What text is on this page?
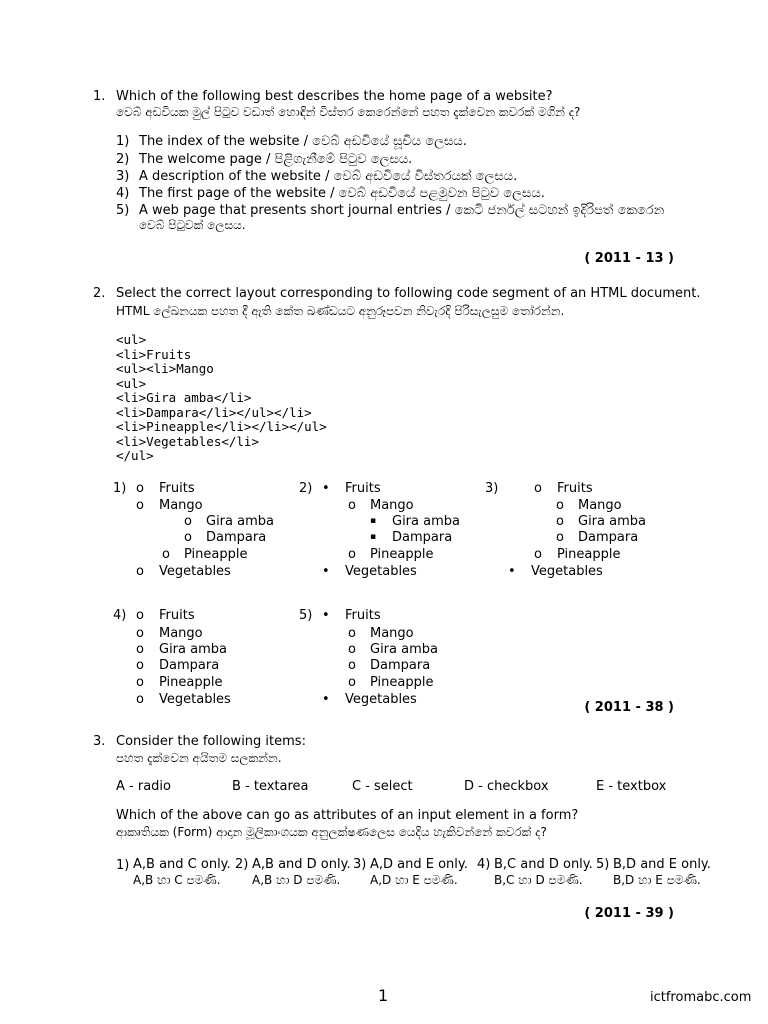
1. Which of the following best describes the home page of a website?
වෙබ් අඩවියක මුල් පිටුව වඩාත් හොඳින් විස්තර කෙරෙන්නේ පහත දැක්වෙන කවරක් මගින් ද?
1) The index of the website / වෙබ් අඩවියේ සූචිය ලෙසය.
2) The welcome page / පිළිගැනීමේ පිටුව ලෙසය.
3) A description of the website / වෙබ් අඩවියේ විස්තරයක් ලෙසය.
4) The first page of the website / වෙබ් අඩවියේ පළමුවන පිටුව ලෙසය.
5) A web page that presents short journal entries / කෙටි ජර්නල් සටහන් ඉදිරිපත් කෙරෙන
වෙබ් පිටුවක් ලෙසය.
( 2011 - 13 )
2. Select the correct layout corresponding to following code segment of an HTML document.
HTML ලේඛනයක පහත දී ඇති කේත ඛණ්ඩයට අනුරූපවන නිවැරදි පිරිසැලසුම තෝරන්න.
<ul>
<li>Fruits
<ul><li>Mango
<ul>
<li>Gira amba</li>
<li>Dampara</li></ul></li>
<li>Pineapple</li></li></ul>
<li>Vegetables</li>
</ul>
1) o Fruits
o Mango
o Gira amba
o Dampara
o Pineapple
o Vegetables
2) • Fruits
o Mango
▪ Gira amba
▪ Dampara
o Pineapple
• Vegetables
3)	o Fruits
o Mango
o Gira amba
o Dampara
o Pineapple
• Vegetables
4) o Fruits
o Mango
o Gira amba
o Dampara
o Pineapple
o Vegetables
5) • Fruits
o Mango
o Gira amba
o Dampara
o Pineapple
• Vegetables
( 2011 - 38 )
3. Consider the following items:
පහත දැක්වෙන අයිතම සලකන්න.
A - radio	B - textarea	C - select	D - checkbox	E - textbox
Which of the above can go as attributes of an input element in a form?
ආකෘතියක (Form) ආදාන මූලිකාංගයක අනුලක්ෂණලෙස යෙදිය හැකිවන්නේ කවරක් ද?
1) A,B and C only.
A,B හා C පමණි.
2) A,B and D only.
A,B හා D පමණි.
3) A,D and E only.
A,D හා E පමණි.
4) B,C and D only.
B,C හා D පමණි.
5) B,D and E only.
B,D හා E පමණි.
( 2011 - 39 )
1	ictfromabc.com
